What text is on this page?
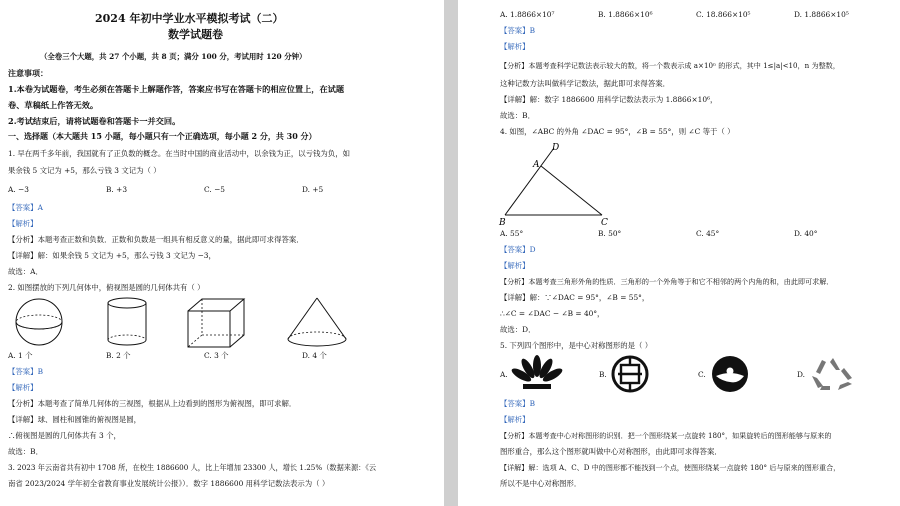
2024 年初中学业水平模拟考试（二）
数学试题卷
（全卷三个大题，共 27 个小题，共 8 页；满分 100 分，考试用时 120 分钟）
注意事项：
1.本卷为试题卷，考生必须在答题卡上解题作答，答案应书写在答题卡的相应位置上，在试题
卷、草稿纸上作答无效。
2.考试结束后，请将试题卷和答题卡一并交回。
一、选择题（本大题共 15 小题，每小题只有一个正确选项，每小题 2 分，共 30 分）
1. 早在两千多年前，我国就有了正负数的概念。在当时中国的商业活动中，以余钱为正，以亏钱为负，如
果余钱 5 文记为 +5，那么亏钱 3 文记为（ ）
A. −3	B. +3	C. −5	D. +5
【答案】A
【解析】
【分析】本题考查正数和负数．正数和负数是一组具有相反意义的量，据此即可求得答案．
【详解】解：如果余钱 5 文记为 +5，那么亏钱 3 文记为 −3，
故选：A．
2. 如图摆放的下列几何体中，俯视图是圆的几何体共有（ ）
A. 1 个	B. 2 个	C. 3 个	D. 4 个
【答案】B
【解析】
【分析】本题考查了简单几何体的三视图，根据从上边看到的图形为俯视图，即可求解．
【详解】球、圆柱和圆锥的俯视图是圆，
∴俯视图是圆的几何体共有 3 个，
故选：B．
3. 2023 年云南省共有初中 1708 所，在校生 1886600 人，比上年增加 23300 人，增长 1.25%（数据来源：《云
南省 2023/2024 学年初全省教育事业发展统计公报》）．数字 1886600 用科学记数法表示为（ ）
A. 1.8866×10⁷	B. 1.8866×10⁶	C. 18.866×10⁵	D. 1.8866×10⁵
【答案】B
【解析】
【分析】本题考查科学记数法表示较大的数，将一个数表示成 a×10ⁿ 的形式，其中 1≤|a|<10，n 为整数，
这种记数方法叫做科学记数法，据此即可求得答案．
【详解】解：数字 1886600 用科学记数法表示为 1.8866×10⁶，
故选：B．
4. 如图，∠ABC 的外角 ∠DAC = 95°，∠B = 55°，则 ∠C 等于（ ）
D
A
B	C
A. 55°	B. 50°	C. 45°	D. 40°
【答案】D
【解析】
【分析】本题考查三角形外角的性质．三角形的一个外角等于和它不相邻的两个内角的和，由此即可求解．
【详解】解：∵∠DAC = 95°，∠B = 55°，
∴∠C = ∠DAC − ∠B = 40°，
故选：D．
5. 下列四个图形中，是中心对称图形的是（ ）
A.	B.	C.	D.
【答案】B
【解析】
【分析】本题考查中心对称图形的识别．把一个图形绕某一点旋转 180°，如果旋转后的图形能够与原来的
图形重合，那么这个图形就叫做中心对称图形，由此即可求得答案．
【详解】解：选项 A、C、D 中的图形都不能找到一个点，使图形绕某一点旋转 180° 后与原来的图形重合，
所以不是中心对称图形．
